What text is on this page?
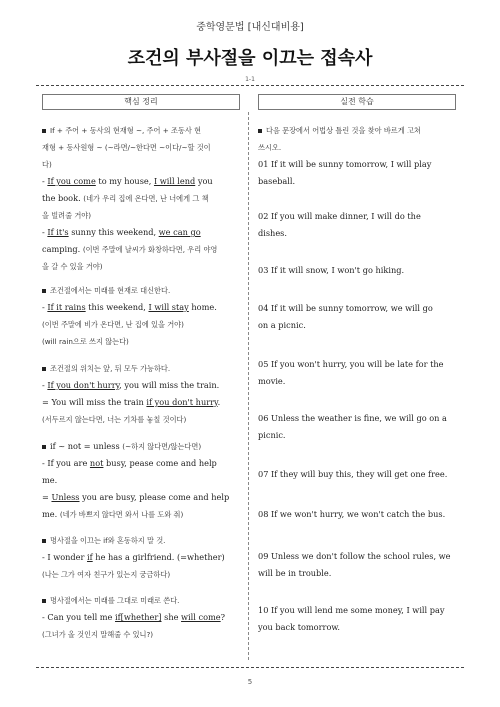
중학영문법 [내신대비용]
조건의 부사절을 이끄는 접속사
1-1
핵심 정리	실전 학습
If + 주어 + 동사의 현재형 ~, 주어 + 조동사 현
재형 + 동사원형 ~ (~라면/~한다면 ~이다/~할 것이
다)
- If you come to my house, I will lend you
the book. (네가 우리 집에 온다면, 난 너에게 그 책
을 빌려줄 거야)
- If it's sunny this weekend, we can go
camping. (이번 주말에 날씨가 화창하다면, 우리 야영
을 갈 수 있을 거야)
조건절에서는 미래를 현재로 대신한다.
- If it rains this weekend, I will stay home.
(이번 주말에 비가 온다면, 난 집에 있을 거야)
(will rain으로 쓰지 않는다)
조건절의 위치는 앞, 뒤 모두 가능하다.
- If you don't hurry, you will miss the train.
= You will miss the train if you don't hurry.
(서두르지 않는다면, 너는 기차를 놓칠 것이다)
if ~ not = unless (~하지 않다면/않는다면)
- If you are not busy, pease come and help
me.
= Unless you are busy, please come and help
me. (네가 바쁘지 않다면 와서 나를 도와 줘)
명사절을 이끄는 if와 혼동하지 말 것.
- I wonder if he has a girlfriend. (=whether)
(나는 그가 여자 친구가 있는지 궁금하다)
명사절에서는 미래를 그대로 미래로 쓴다.
- Can you tell me if[whether] she will come?
(그녀가 올 것인지 말해줄 수 있니?)
다음 문장에서 어법상 틀린 것을 찾아 바르게 고쳐
쓰시오.
01 If it will be sunny tomorrow, I will play
baseball.
02 If you will make dinner, I will do the
dishes.
03 If it will snow, I won't go hiking.
04 If it will be sunny tomorrow, we will go
on a picnic.
05 If you won't hurry, you will be late for the
movie.
06 Unless the weather is fine, we will go on a
picnic.
07 If they will buy this, they will get one free.
08 If we won't hurry, we won't catch the bus.
09 Unless we don't follow the school rules, we
will be in trouble.
10 If you will lend me some money, I will pay
you back tomorrow.
5
